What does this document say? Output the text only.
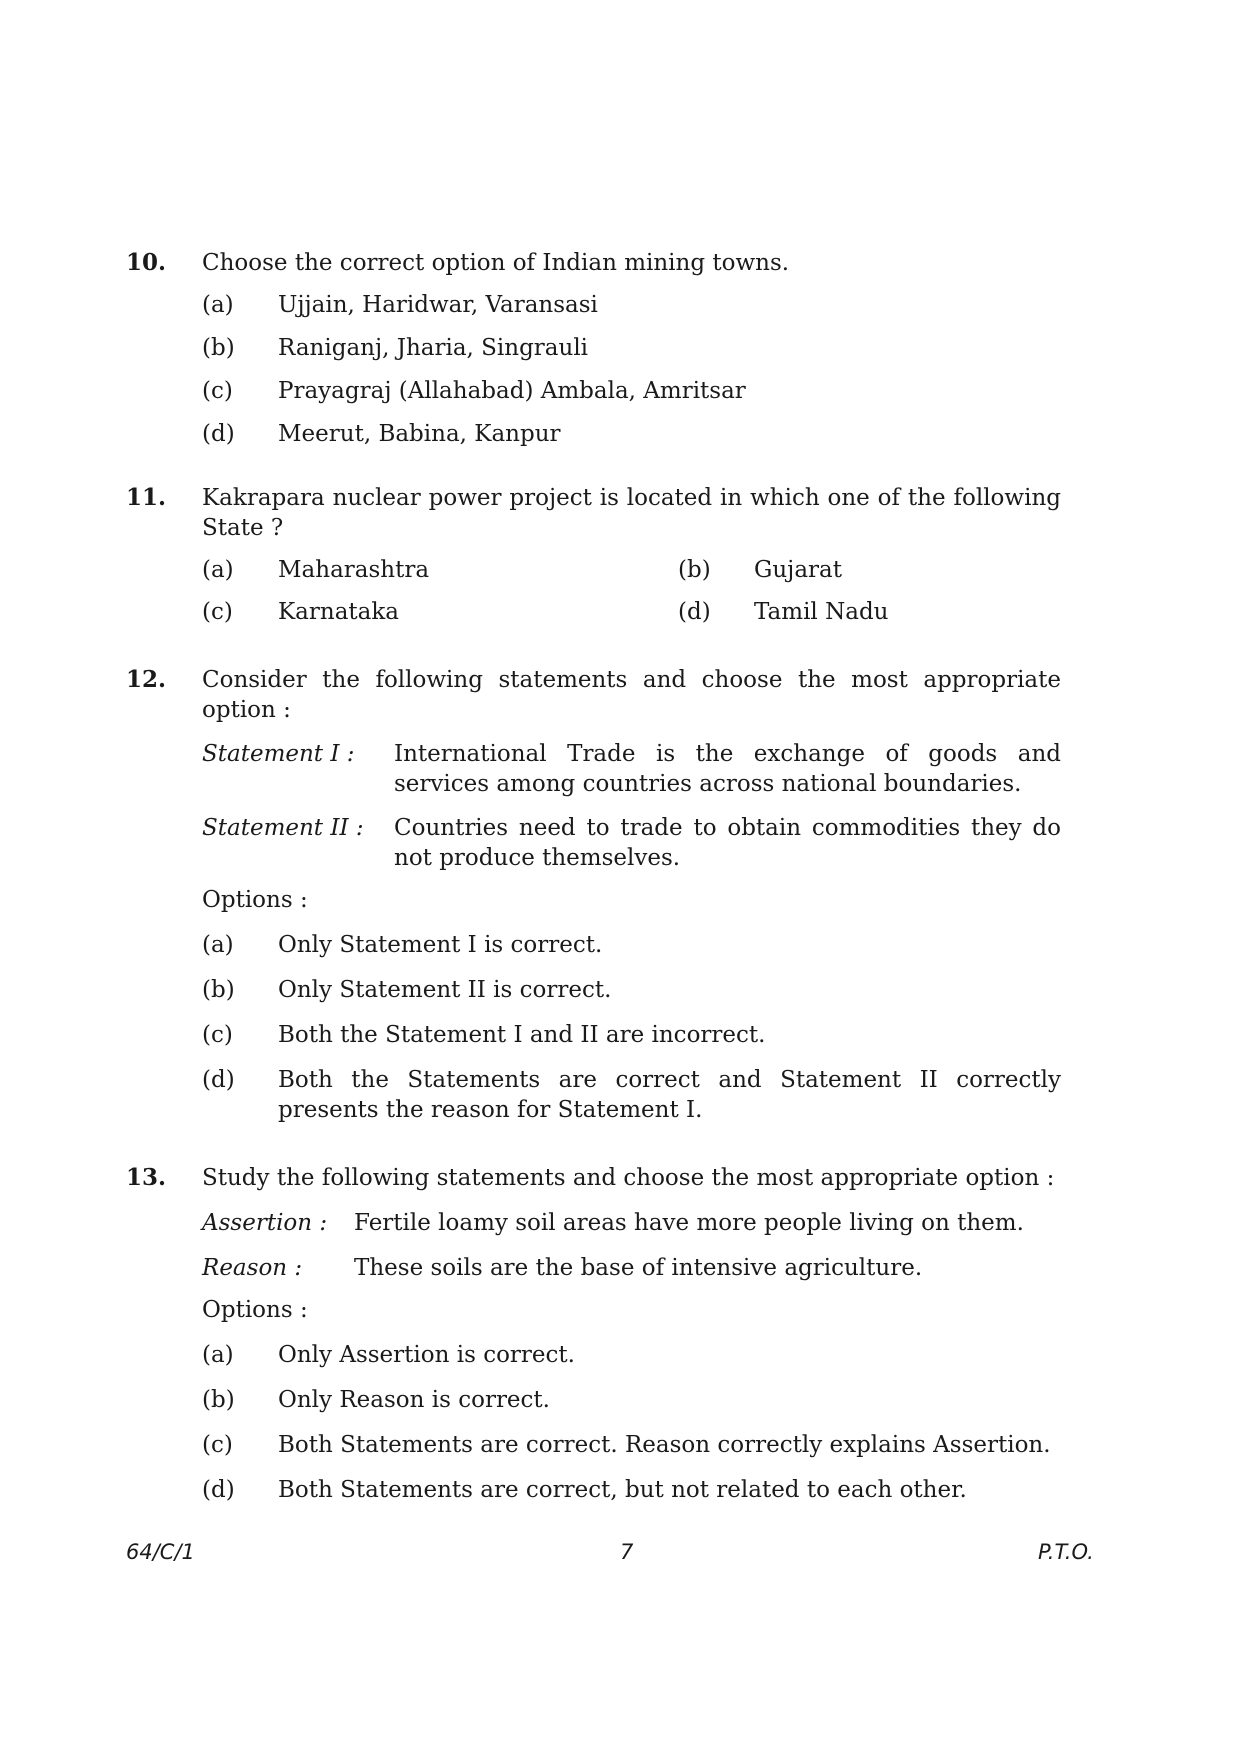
10. Choose the correct option of Indian mining towns.
(a) Ujjain, Haridwar, Varansasi
(b) Raniganj, Jharia, Singrauli
(c) Prayagraj (Allahabad) Ambala, Amritsar
(d) Meerut, Babina, Kanpur
11. Kakrapara nuclear power project is located in which one of the following State ?
(a) Maharashtra	(b) Gujarat
(c) Karnataka	(d) Tamil Nadu
12. Consider the following statements and choose the most appropriate option :
Statement I : International Trade is the exchange of goods and services among countries across national boundaries.
Statement II : Countries need to trade to obtain commodities they do not produce themselves.
Options :
(a) Only Statement I is correct.
(b) Only Statement II is correct.
(c) Both the Statement I and II are incorrect.
(d) Both the Statements are correct and Statement II correctly presents the reason for Statement I.
13. Study the following statements and choose the most appropriate option :
Assertion : Fertile loamy soil areas have more people living on them.
Reason : These soils are the base of intensive agriculture.
Options :
(a) Only Assertion is correct.
(b) Only Reason is correct.
(c) Both Statements are correct. Reason correctly explains Assertion.
(d) Both Statements are correct, but not related to each other.
64/C/1	7	P.T.O.
